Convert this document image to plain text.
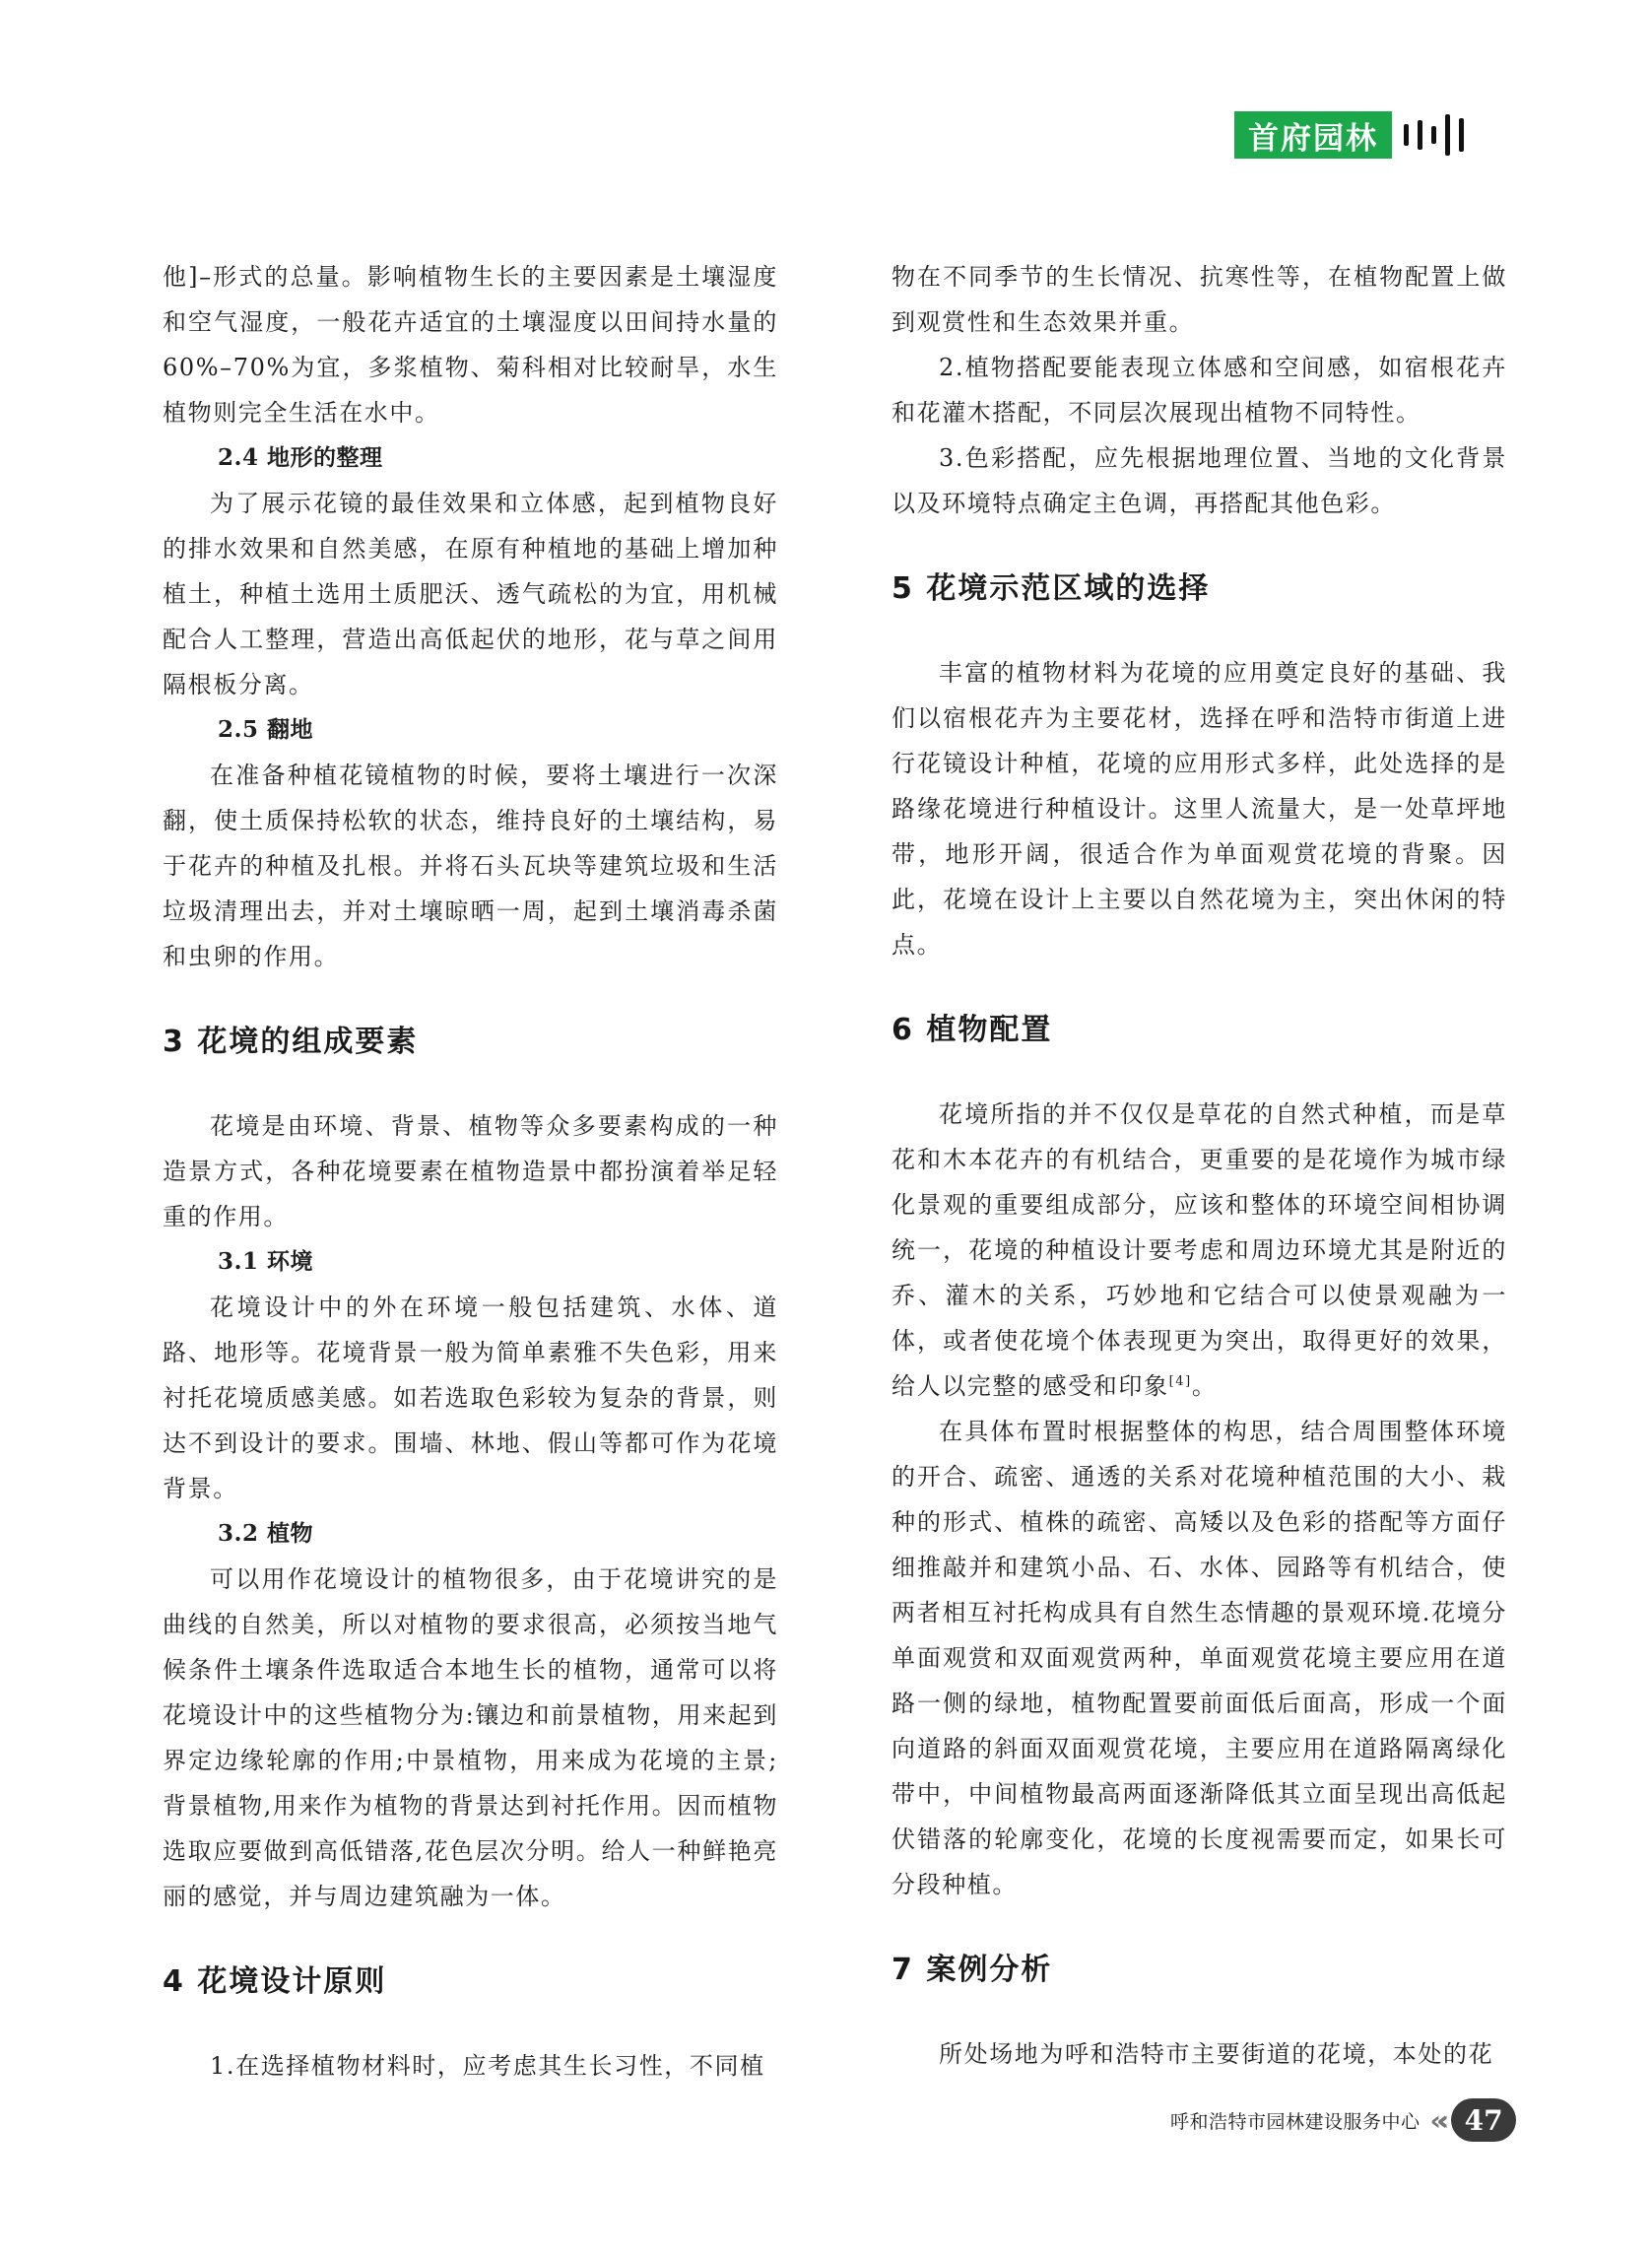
首府园林

他]–形式的总量。影响植物生长的主要因素是土壤湿度和空气湿度，一般花卉适宜的土壤湿度以田间持水量的60%–70%为宜，多浆植物、菊科相对比较耐旱，水生植物则完全生活在水中。

2.4 地形的整理

为了展示花镜的最佳效果和立体感，起到植物良好的排水效果和自然美感，在原有种植地的基础上增加种植土，种植土选用土质肥沃、透气疏松的为宜，用机械配合人工整理，营造出高低起伏的地形，花与草之间用隔根板分离。

2.5 翻地

在准备种植花镜植物的时候，要将土壤进行一次深翻，使土质保持松软的状态，维持良好的土壤结构，易于花卉的种植及扎根。并将石头瓦块等建筑垃圾和生活垃圾清理出去，并对土壤晾晒一周，起到土壤消毒杀菌和虫卵的作用。

3 花境的组成要素

花境是由环境、背景、植物等众多要素构成的一种造景方式，各种花境要素在植物造景中都扮演着举足轻重的作用。

3.1 环境

花境设计中的外在环境一般包括建筑、水体、道路、地形等。花境背景一般为简单素雅不失色彩，用来衬托花境质感美感。如若选取色彩较为复杂的背景，则达不到设计的要求。围墙、林地、假山等都可作为花境背景。

3.2 植物

可以用作花境设计的植物很多，由于花境讲究的是曲线的自然美，所以对植物的要求很高，必须按当地气候条件土壤条件选取适合本地生长的植物，通常可以将花境设计中的这些植物分为:镶边和前景植物，用来起到界定边缘轮廓的作用;中景植物，用来成为花境的主景;背景植物,用来作为植物的背景达到衬托作用。因而植物选取应要做到高低错落,花色层次分明。给人一种鲜艳亮丽的感觉，并与周边建筑融为一体。

4 花境设计原则

1.在选择植物材料时，应考虑其生长习性，不同植

物在不同季节的生长情况、抗寒性等，在植物配置上做到观赏性和生态效果并重。

2.植物搭配要能表现立体感和空间感，如宿根花卉和花灌木搭配，不同层次展现出植物不同特性。

3.色彩搭配，应先根据地理位置、当地的文化背景以及环境特点确定主色调，再搭配其他色彩。

5 花境示范区域的选择

丰富的植物材料为花境的应用奠定良好的基础、我们以宿根花卉为主要花材，选择在呼和浩特市街道上进行花镜设计种植，花境的应用形式多样，此处选择的是路缘花境进行种植设计。这里人流量大，是一处草坪地带，地形开阔，很适合作为单面观赏花境的背聚。因此，花境在设计上主要以自然花境为主，突出休闲的特点。

6 植物配置

花境所指的并不仅仅是草花的自然式种植，而是草花和木本花卉的有机结合，更重要的是花境作为城市绿化景观的重要组成部分，应该和整体的环境空间相协调统一，花境的种植设计要考虑和周边环境尤其是附近的乔、灌木的关系，巧妙地和它结合可以使景观融为一体，或者使花境个体表现更为突出，取得更好的效果，给人以完整的感受和印象[4]。

在具体布置时根据整体的构思，结合周围整体环境的开合、疏密、通透的关系对花境种植范围的大小、栽种的形式、植株的疏密、高矮以及色彩的搭配等方面仔细推敲并和建筑小品、石、水体、园路等有机结合，使两者相互衬托构成具有自然生态情趣的景观环境.花境分单面观赏和双面观赏两种，单面观赏花境主要应用在道路一侧的绿地，植物配置要前面低后面高，形成一个面向道路的斜面双面观赏花境，主要应用在道路隔离绿化带中，中间植物最高两面逐渐降低其立面呈现出高低起伏错落的轮廓变化，花境的长度视需要而定，如果长可分段种植。

7 案例分析

所处场地为呼和浩特市主要街道的花境，本处的花

呼和浩特市园林建设服务中心 «‹ 47
